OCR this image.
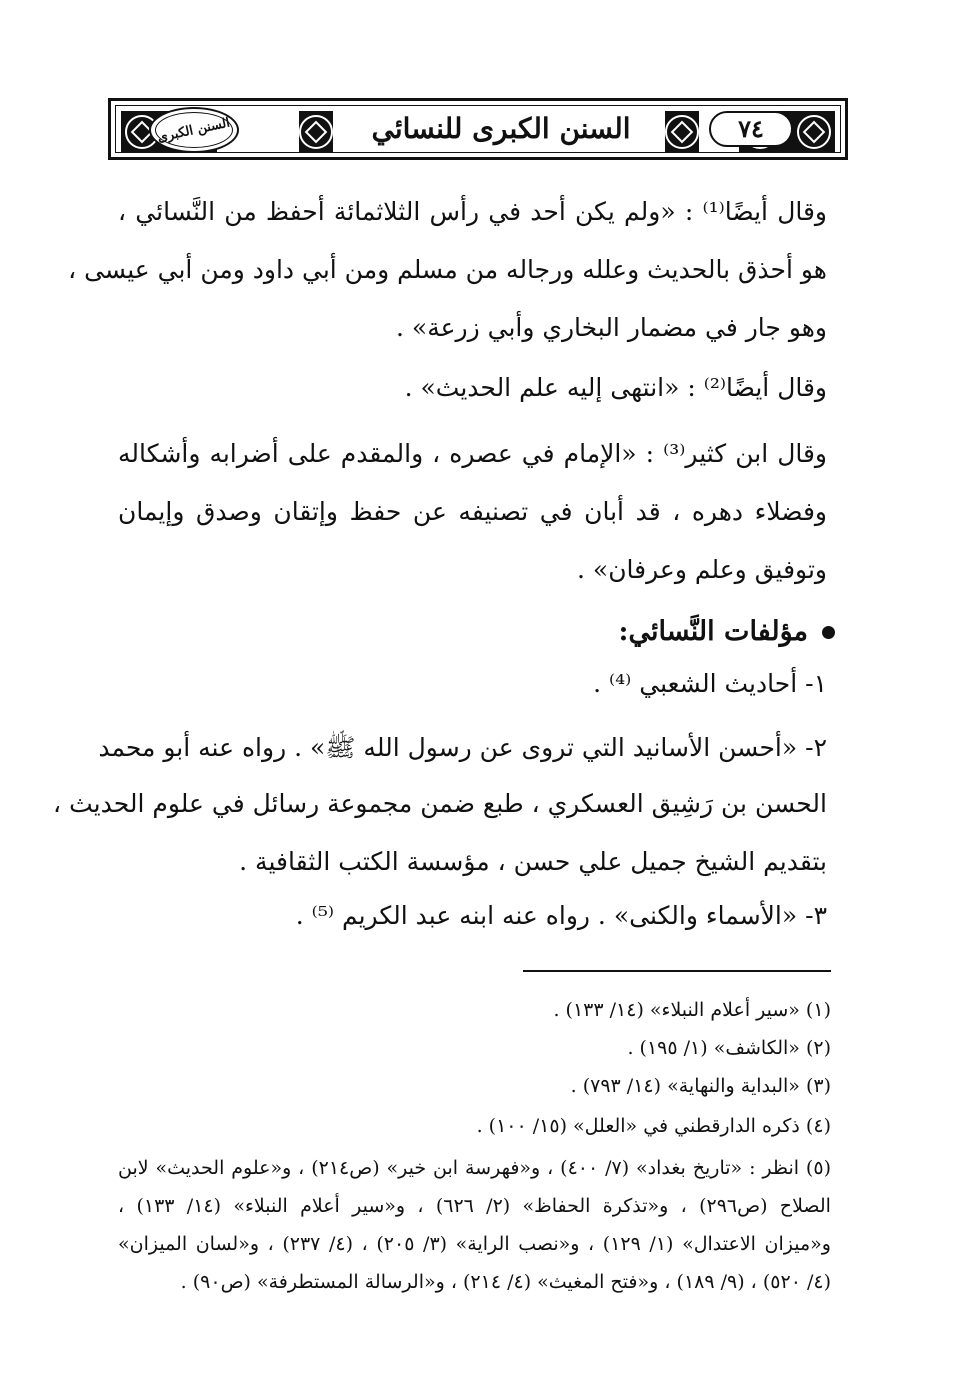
السنن الكبرى	السنن الكبرى للنسائي	٧٤
وقال أيضًا⁽¹⁾ : «ولم يكن أحد في رأس الثلاثمائة أحفظ من النَّسائي ،
هو أحذق بالحديث وعلله ورجاله من مسلم ومن أبي داود ومن أبي عيسى ،
وهو جار في مضمار البخاري وأبي زرعة» .
وقال أيضًا⁽²⁾ : «انتهى إليه علم الحديث» .
وقال ابن كثير⁽³⁾ : «الإمام في عصره ، والمقدم على أضرابه وأشكاله
وفضلاء دهره ، قد أبان في تصنيفه عن حفظ وإتقان وصدق وإيمان
وتوفيق وعلم وعرفان» .
مؤلفات النَّسائي:
١- أحاديث الشعبي ⁽⁴⁾ .
٢- «أحسن الأسانيد التي تروى عن رسول الله ﷺ» . رواه عنه أبو محمد
الحسن بن رَشِيق العسكري ، طبع ضمن مجموعة رسائل في علوم الحديث ،
بتقديم الشيخ جميل علي حسن ، مؤسسة الكتب الثقافية .
٣- «الأسماء والكنى» . رواه عنه ابنه عبد الكريم ⁽⁵⁾ .
(١) «سير أعلام النبلاء» (١٤/ ١٣٣) .
(٢) «الكاشف» (١/ ١٩٥) .
(٣) «البداية والنهاية» (١٤/ ٧٩٣) .
(٤) ذكره الدارقطني في «العلل» (١٥/ ١٠٠) .
(٥) انظر : «تاريخ بغداد» (٧/ ٤٠٠) ، و«فهرسة ابن خير» (ص٢١٤) ، و«علوم الحديث» لابن
الصلاح (ص٢٩٦) ، و«تذكرة الحفاظ» (٢/ ٦٢٦) ، و«سير أعلام النبلاء» (١٤/ ١٣٣) ،
و«ميزان الاعتدال» (١/ ١٢٩) ، و«نصب الراية» (٣/ ٢٠٥) ، (٤/ ٢٣٧) ، و«لسان الميزان»
(٤/ ٥٢٠) ، (٩/ ١٨٩) ، و«فتح المغيث» (٤/ ٢١٤) ، و«الرسالة المستطرفة» (ص٩٠) .
